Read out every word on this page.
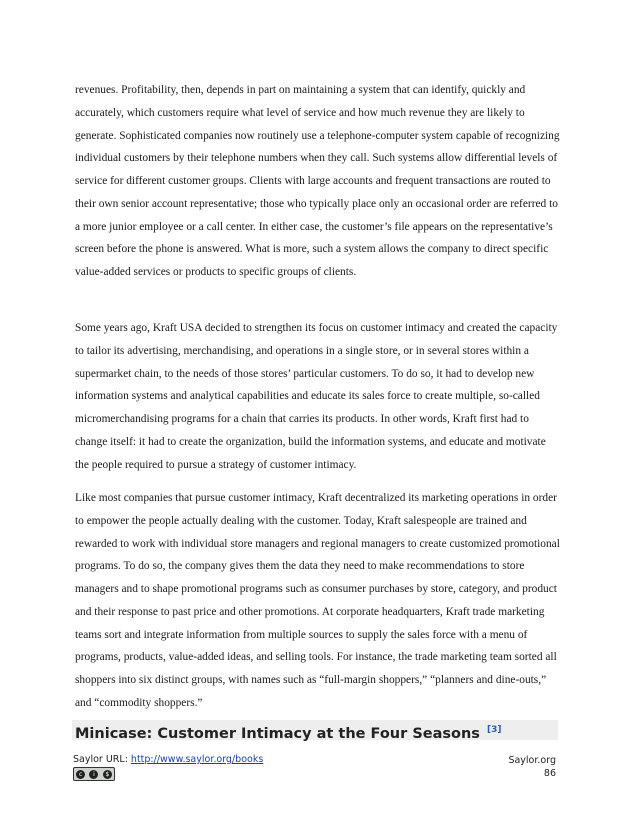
revenues. Profitability, then, depends in part on maintaining a system that can identify, quickly and accurately, which customers require what level of service and how much revenue they are likely to generate. Sophisticated companies now routinely use a telephone-computer system capable of recognizing individual customers by their telephone numbers when they call. Such systems allow differential levels of service for different customer groups. Clients with large accounts and frequent transactions are routed to their own senior account representative; those who typically place only an occasional order are referred to a more junior employee or a call center. In either case, the customer’s file appears on the representative’s screen before the phone is answered. What is more, such a system allows the company to direct specific value-added services or products to specific groups of clients.

Some years ago, Kraft USA decided to strengthen its focus on customer intimacy and created the capacity to tailor its advertising, merchandising, and operations in a single store, or in several stores within a supermarket chain, to the needs of those stores’ particular customers. To do so, it had to develop new information systems and analytical capabilities and educate its sales force to create multiple, so-called micromerchandising programs for a chain that carries its products. In other words, Kraft first had to change itself: it had to create the organization, build the information systems, and educate and motivate the people required to pursue a strategy of customer intimacy.

Like most companies that pursue customer intimacy, Kraft decentralized its marketing operations in order to empower the people actually dealing with the customer. Today, Kraft salespeople are trained and rewarded to work with individual store managers and regional managers to create customized promotional programs. To do so, the company gives them the data they need to make recommendations to store managers and to shape promotional programs such as consumer purchases by store, category, and product and their response to past price and other promotions. At corporate headquarters, Kraft trade marketing teams sort and integrate information from multiple sources to supply the sales force with a menu of programs, products, value-added ideas, and selling tools. For instance, the trade marketing team sorted all shoppers into six distinct groups, with names such as “full-margin shoppers,” “planners and dine-outs,” and “commodity shoppers.”

Minicase: Customer Intimacy at the Four Seasons [3]
Saylor URL: http://www.saylor.org/books
c	i	$
Saylor.org
86
